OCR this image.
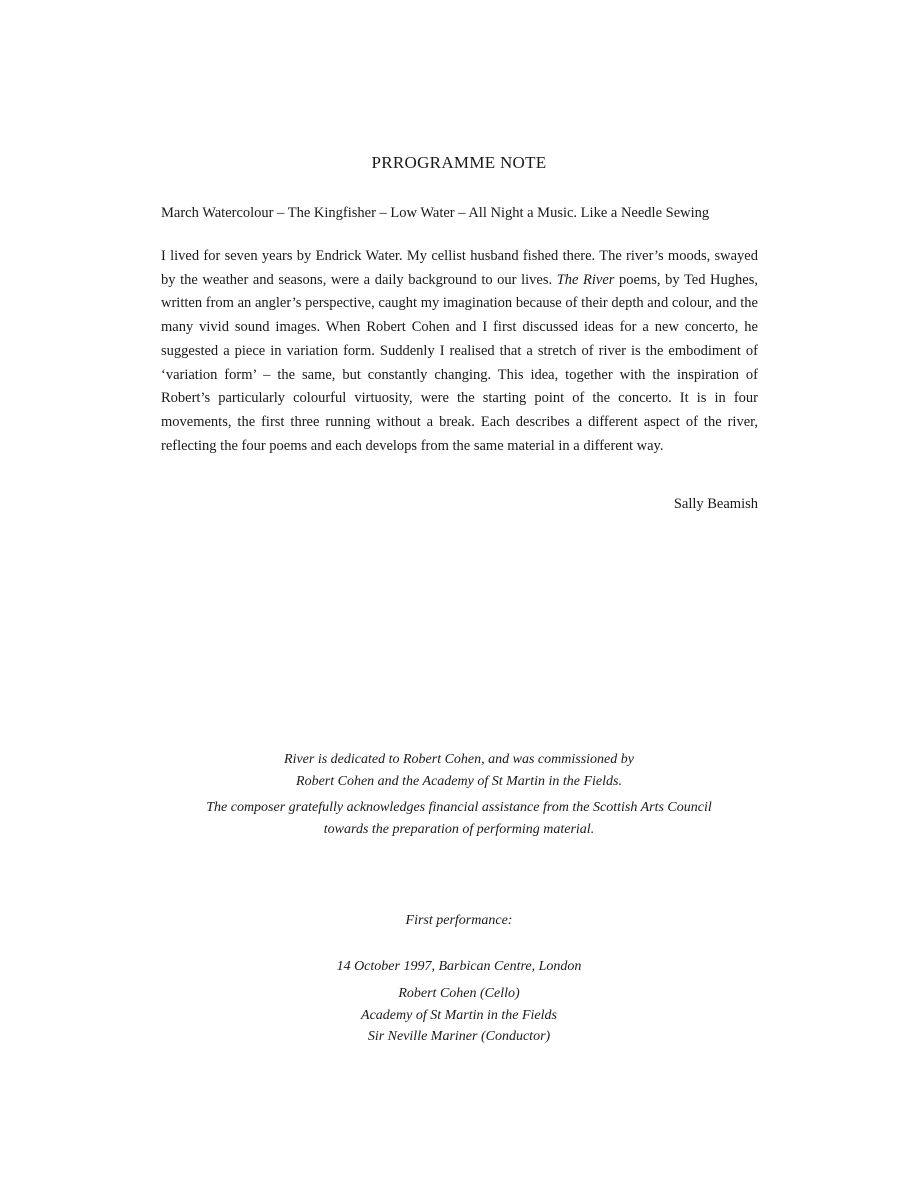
PRROGRAMME NOTE

March Watercolour – The Kingfisher – Low Water – All Night a Music. Like a Needle Sewing

I lived for seven years by Endrick Water. My cellist husband fished there. The river’s moods, swayed by the weather and seasons, were a daily background to our lives. The River poems, by Ted Hughes, written from an angler’s perspective, caught my imagination because of their depth and colour, and the many vivid sound images. When Robert Cohen and I first discussed ideas for a new concerto, he suggested a piece in variation form. Suddenly I realised that a stretch of river is the embodiment of ‘variation form’ – the same, but constantly changing. This idea, together with the inspiration of Robert’s particularly colourful virtuosity, were the starting point of the concerto. It is in four movements, the first three running without a break. Each describes a different aspect of the river, reflecting the four poems and each develops from the same material in a different way.

Sally Beamish

River is dedicated to Robert Cohen, and was commissioned by
Robert Cohen and the Academy of St Martin in the Fields.

The composer gratefully acknowledges financial assistance from the Scottish Arts Council
towards the preparation of performing material.

First performance:

14 October 1997, Barbican Centre, London

Robert Cohen (Cello)
Academy of St Martin in the Fields
Sir Neville Mariner (Conductor)
